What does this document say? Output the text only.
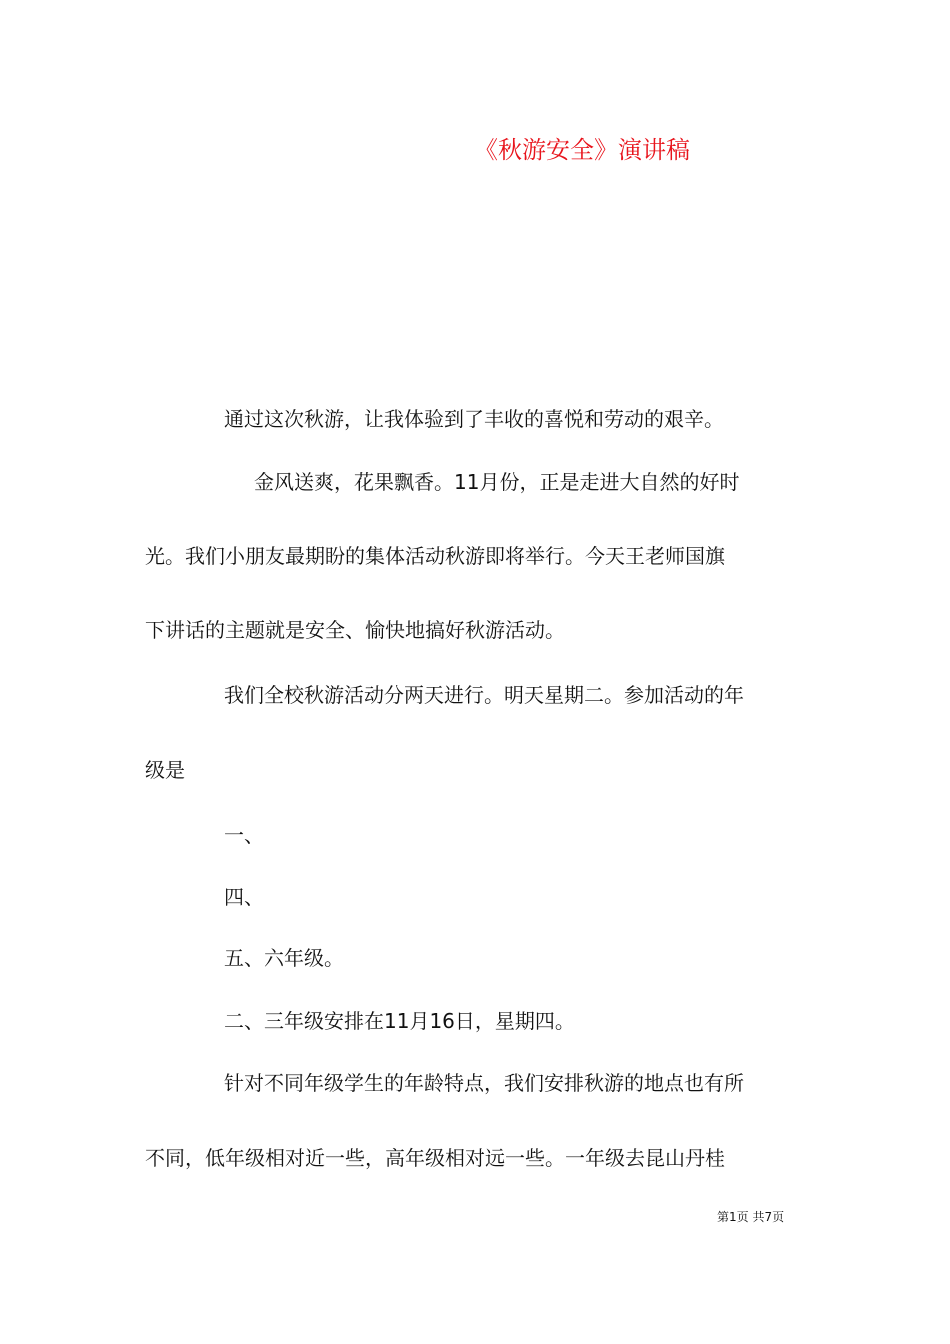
《秋游安全》演讲稿
通过这次秋游，让我体验到了丰收的喜悦和劳动的艰辛。
金风送爽，花果飘香。11月份，正是走进大自然的好时
光。我们小朋友最期盼的集体活动秋游即将举行。今天王老师国旗
下讲话的主题就是安全、愉快地搞好秋游活动。
我们全校秋游活动分两天进行。明天星期二。参加活动的年
级是
一、
四、
五、六年级。
二、三年级安排在11月16日，星期四。
针对不同年级学生的年龄特点，我们安排秋游的地点也有所
不同，低年级相对近一些，高年级相对远一些。一年级去昆山丹桂
第1页 共7页
